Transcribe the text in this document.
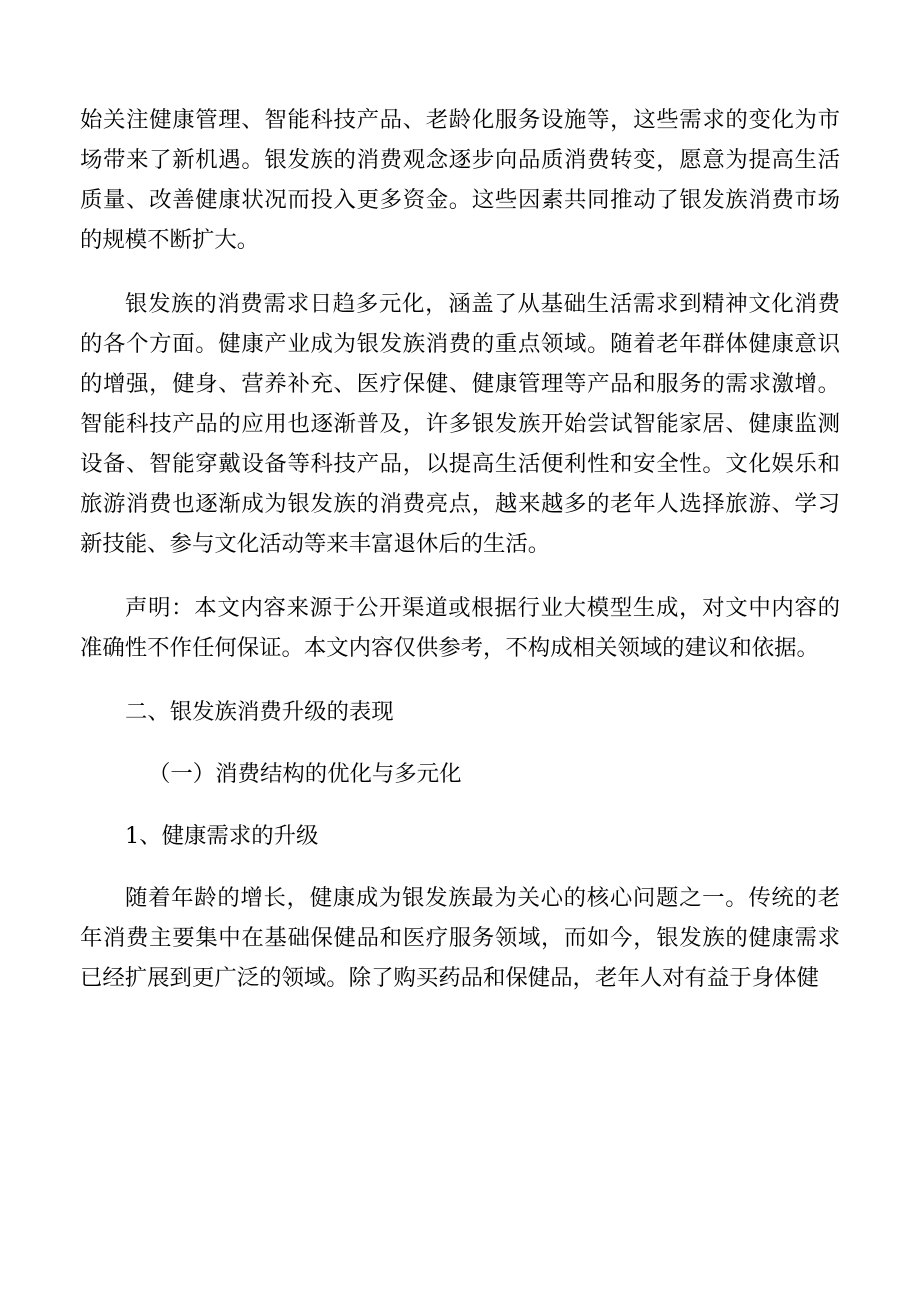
始关注健康管理、智能科技产品、老龄化服务设施等，这些需求的变化为市场带来了新机遇。银发族的消费观念逐步向品质消费转变，愿意为提高生活质量、改善健康状况而投入更多资金。这些因素共同推动了银发族消费市场的规模不断扩大。

银发族的消费需求日趋多元化，涵盖了从基础生活需求到精神文化消费的各个方面。健康产业成为银发族消费的重点领域。随着老年群体健康意识的增强，健身、营养补充、医疗保健、健康管理等产品和服务的需求激增。智能科技产品的应用也逐渐普及，许多银发族开始尝试智能家居、健康监测设备、智能穿戴设备等科技产品，以提高生活便利性和安全性。文化娱乐和旅游消费也逐渐成为银发族的消费亮点，越来越多的老年人选择旅游、学习新技能、参与文化活动等来丰富退休后的生活。

声明：本文内容来源于公开渠道或根据行业大模型生成，对文中内容的准确性不作任何保证。本文内容仅供参考，不构成相关领域的建议和依据。

二、银发族消费升级的表现

（一）消费结构的优化与多元化

1、健康需求的升级

随着年龄的增长，健康成为银发族最为关心的核心问题之一。传统的老年消费主要集中在基础保健品和医疗服务领域，而如今，银发族的健康需求已经扩展到更广泛的领域。除了购买药品和保健品，老年人对有益于身体健
